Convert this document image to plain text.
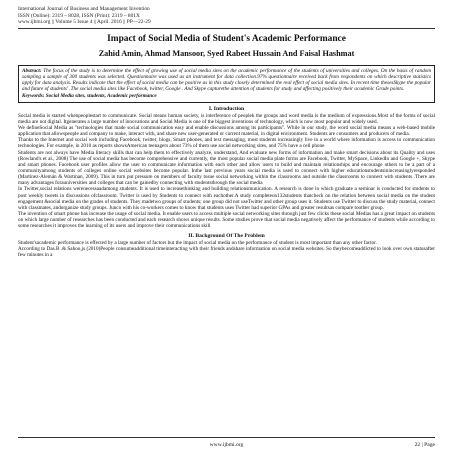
International Journal of Business and Management Invention
ISSN (Online): 2319 – 8028, ISSN (Print): 2319 – 801X
www.ijbmi.org || Volume 5 Issue 4 || April. 2016 || PP—22-29
Impact of Social Media of Student's Academic Performance
Zahid Amin, Ahmad Mansoor, Syed Rabeet Hussain And Faisal Hashmat
Abstract: The focus of the study is to determine the effect of growing use of social media sites on the academic performance of the students of universities and colleges. On the basis of random sampling a sample of 300 students was selected. Questionnaire was used as an instrument for data collection.97% questionnaire received back from respondents on which descriptive statistics apply for data analysis. Results indicate that the effect of social media can be positive as in this study closely determined the real effect of social media sites. In recent time thesesSkype the popular and future of students' .The social media sites like Facebook, twitter, Google . And Skype capturethe attention of students for study and affecting positively their academic Grade points.
Keywords: Social Media sites, students, Academic performance
I. Introduction

Social media is started whenpeoplestart to communicate. Social means human society, is interference of peoplek the groups and word media is the medium of expressions.Most of the forms of social media are not digital. Itgenerates a large number of innovations and Social Media is one of the biggest inventions of technology, which is now most popular and widely used.

We defineSocial Media as "technologies that made social communication easy and enable discussions among its participants". While in our study, the word social media means a web-based mobile application that allowspeople and company to make, interact with, and share new user-generated or current material, in digital environment. Students are consumers and producers of media.

Thanks to the Internet and social web including Facebook, twitter, blogs, Smart phones, and text messaging, most students increasingly live in a world where information is access to communication technologies. For example, in 2010 as reports showsAmerican teenagers about 73% of them use social networking sites, and 75% have a cell phone

Students are not always have Media literacy skills that can help them to effectively analyze, understand, And evaluate new forms of information and make smart decisions about its Quality and uses (Rowland's et al., 2008) The use of social media has become comprehensive and currently, the most popular social media plate forms are Facebook, Twitter, MySpace, LinkedIn and Google +, Skype and smart phones. Facebook user profiles allow the user to communicate information with each other and allow users to build and maintain relationships and encourage others to be a part of a communityamong students of colleges online social websites become popular. Inthe last previous years social media is used to connect with higher educationstudentsinincreasinglyresponded (Martínez-Alemán & Wartman, 2009). This in turn put pressure on members of faculty tosue social networking within the classrooms and outside the classrooms to connect with students .There are many advantages forauniversities and colleges that can be gainedby connecting with studentsthrough the social media

In Twitter,social relations werenecessaadamong students. It is used to increasethinking and building relationsmunication. A research is done in which graduate a seminar is conducted for students to post weekly tweets in discussions ofclassroom. Twitter is used by Students to connect with eachother.A study completeon132students thatcheck on the relation between social media on the student engagement &social media on the grades of students. They madetwo groups of students; one group did not useTwitter and other group uses it. Students use Twitter to discuss the study material, connect with classmates, andorganize study groups. Junco with his co-workers comes to know that students uses Twitter had superior GPAs and greater resultsas compare toother group.

The invention of smart phone has increase the usage of social media. It enable users to access multiple social networking sites through just few clicks these social Medias has a great impact on students on which large number of researches has been conducted and each research shows unique results. Some studies prove that social media negatively affect the performance of students while according to some researches it improves the learning of its users and improve their communications skill

II. Background Of The Problem

Student'sacademic performance is effected by a large number of factors but the impact of social media on the performance of student is most important than any other factor.

According to Das.B .& Sahoo,js (2010)People consumeadditional timeinteracting with their friends andshare information on social media websites. So theybecomeaddicted to look over own statusafter few minutes in a

www.ijbmi.org	22 | Page
